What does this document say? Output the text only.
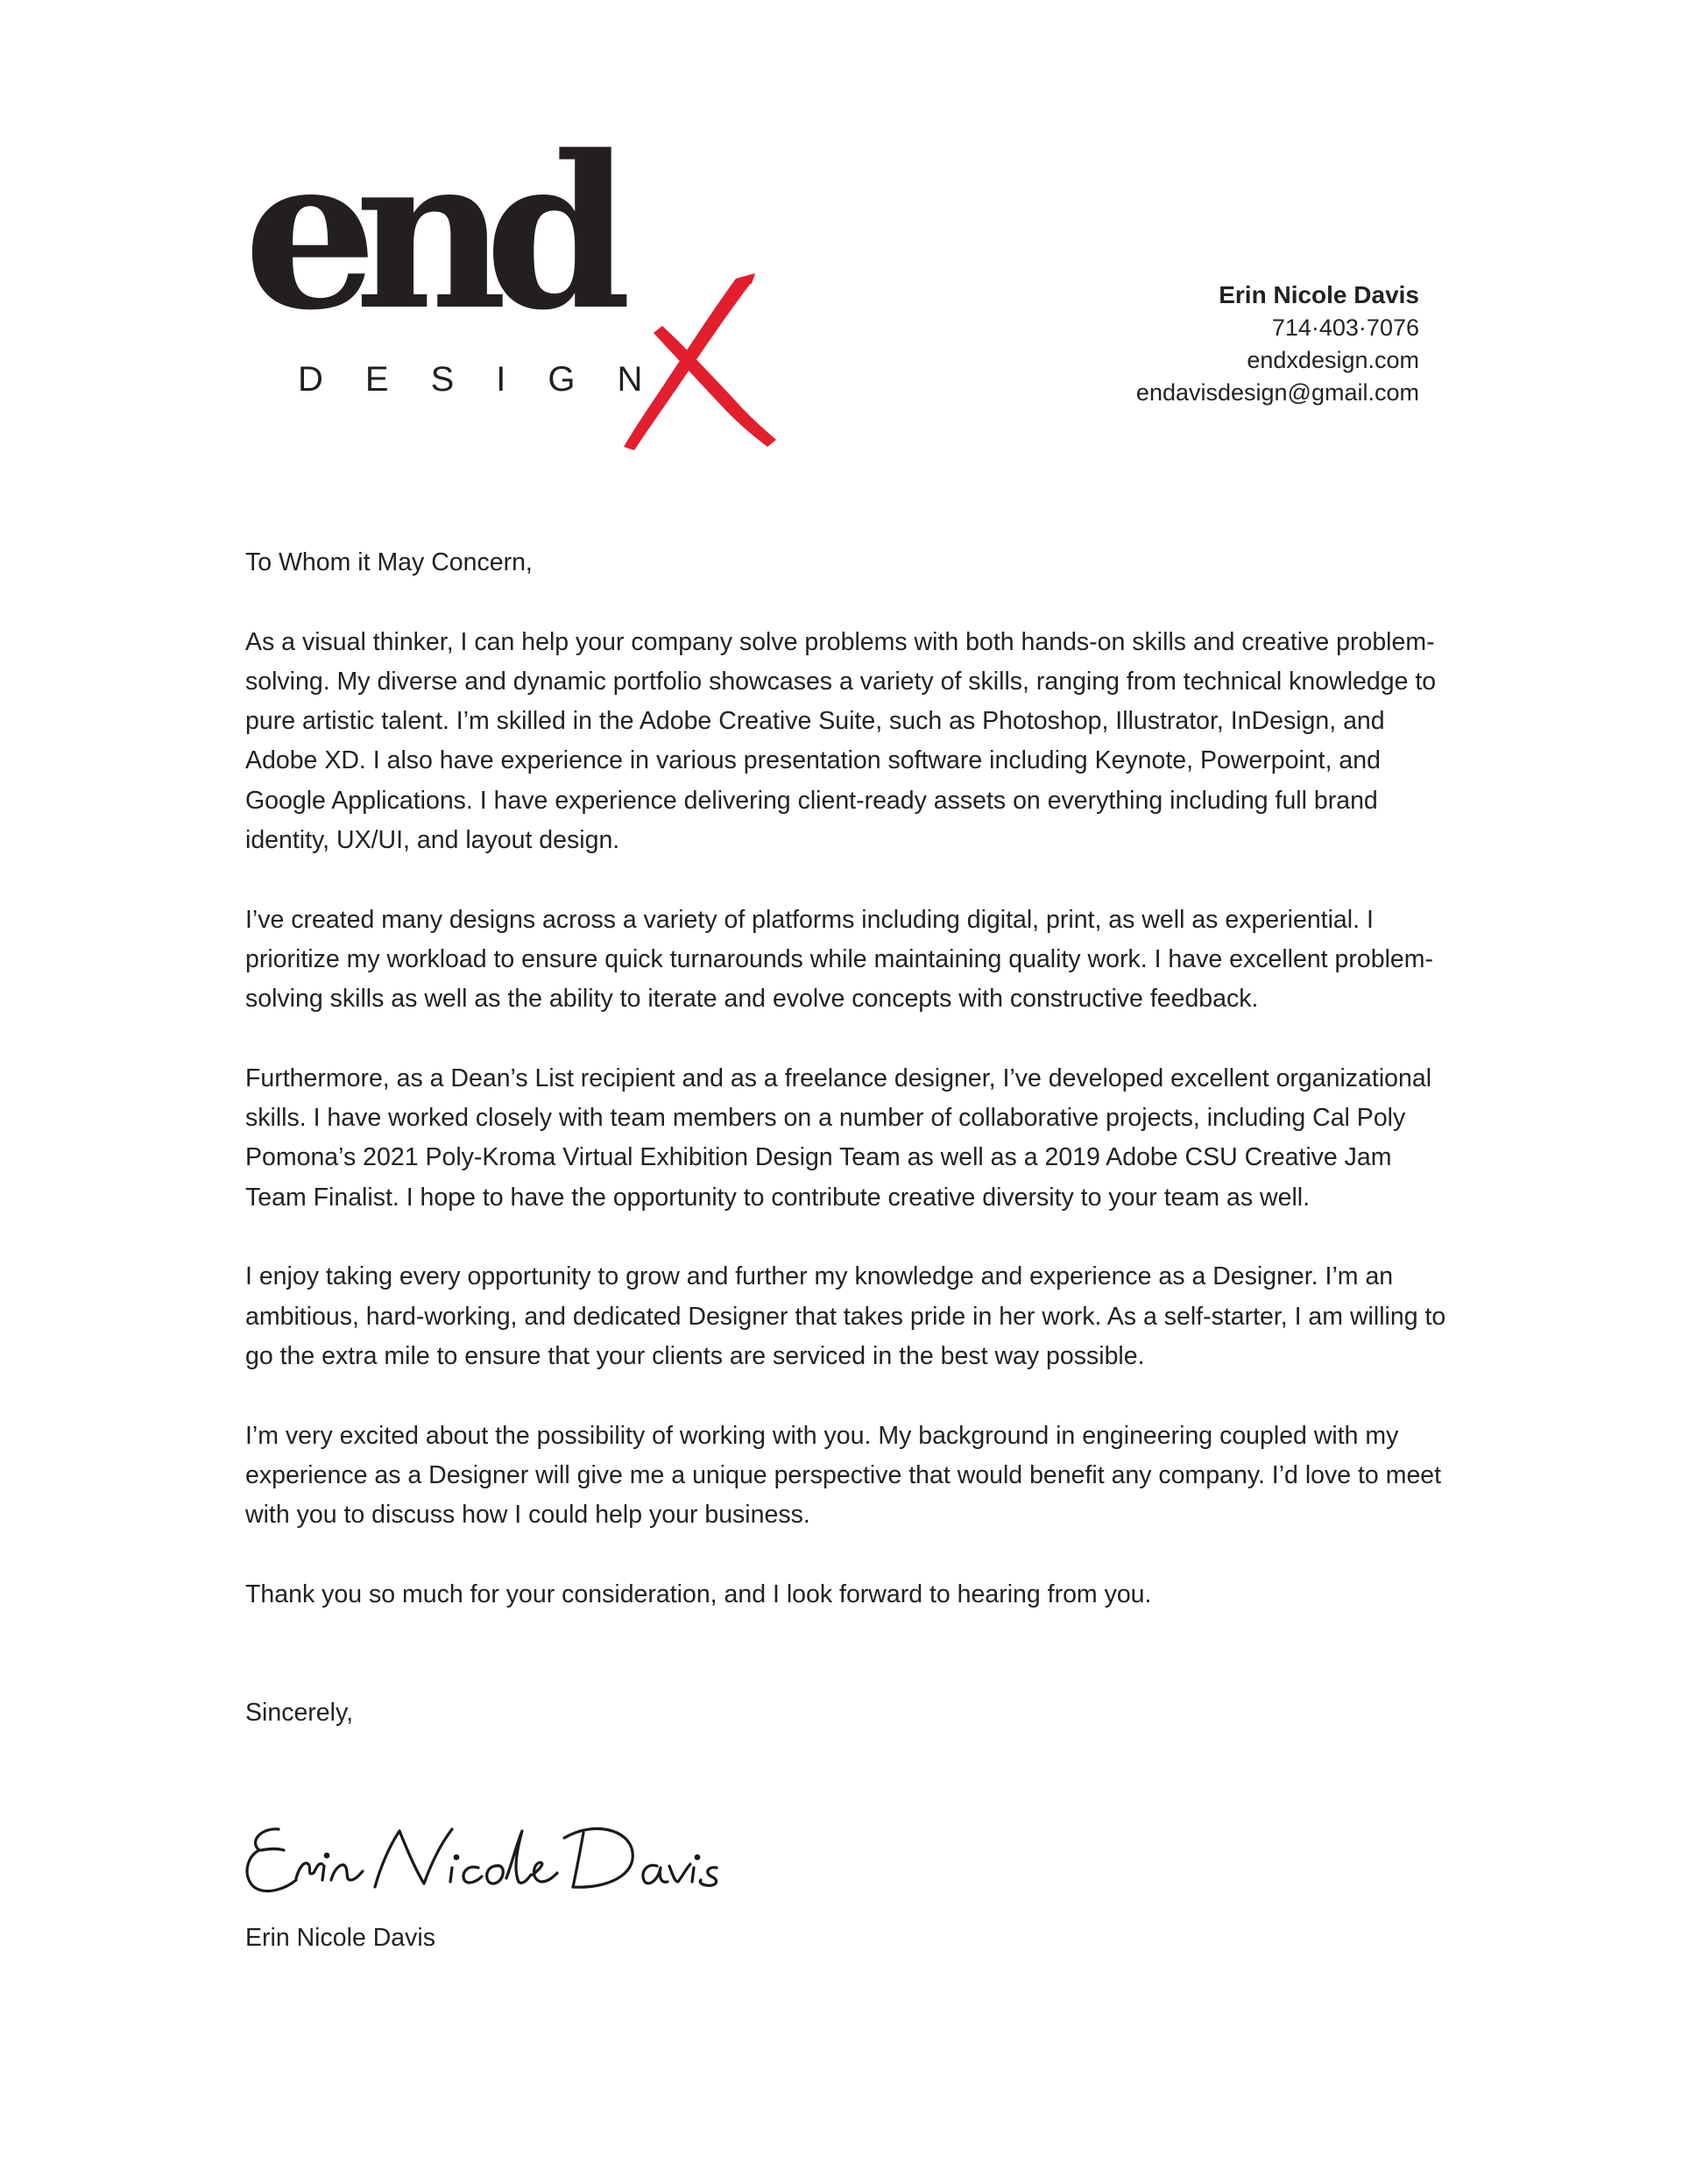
end
DESIGN
Erin Nicole Davis
714·403·7076
endxdesign.com
endavisdesign@gmail.com

To Whom it May Concern,

As a visual thinker, I can help your company solve problems with both hands-on skills and creative problem-solving. My diverse and dynamic portfolio showcases a variety of skills, ranging from technical knowledge to pure artistic talent. I’m skilled in the Adobe Creative Suite, such as Photoshop, Illustrator, InDesign, and Adobe XD. I also have experience in various presentation software including Keynote, Powerpoint, and Google Applications. I have experience delivering client-ready assets on everything including full brand identity, UX/UI, and layout design.

I’ve created many designs across a variety of platforms including digital, print, as well as experiential. I prioritize my workload to ensure quick turnarounds while maintaining quality work. I have excellent problem-solving skills as well as the ability to iterate and evolve concepts with constructive feedback.

Furthermore, as a Dean’s List recipient and as a freelance designer, I’ve developed excellent organizational skills. I have worked closely with team members on a number of collaborative projects, including Cal Poly Pomona’s 2021 Poly-Kroma Virtual Exhibition Design Team as well as a 2019 Adobe CSU Creative Jam Team Finalist. I hope to have the opportunity to contribute creative diversity to your team as well.

I enjoy taking every opportunity to grow and further my knowledge and experience as a Designer. I’m an ambitious, hard-working, and dedicated Designer that takes pride in her work. As a self-starter, I am willing to go the extra mile to ensure that your clients are serviced in the best way possible.

I’m very excited about the possibility of working with you. My background in engineering coupled with my experience as a Designer will give me a unique perspective that would benefit any company. I’d love to meet with you to discuss how I could help your business.

Thank you so much for your consideration, and I look forward to hearing from you.

Sincerely,

Erin Nicole Davis
